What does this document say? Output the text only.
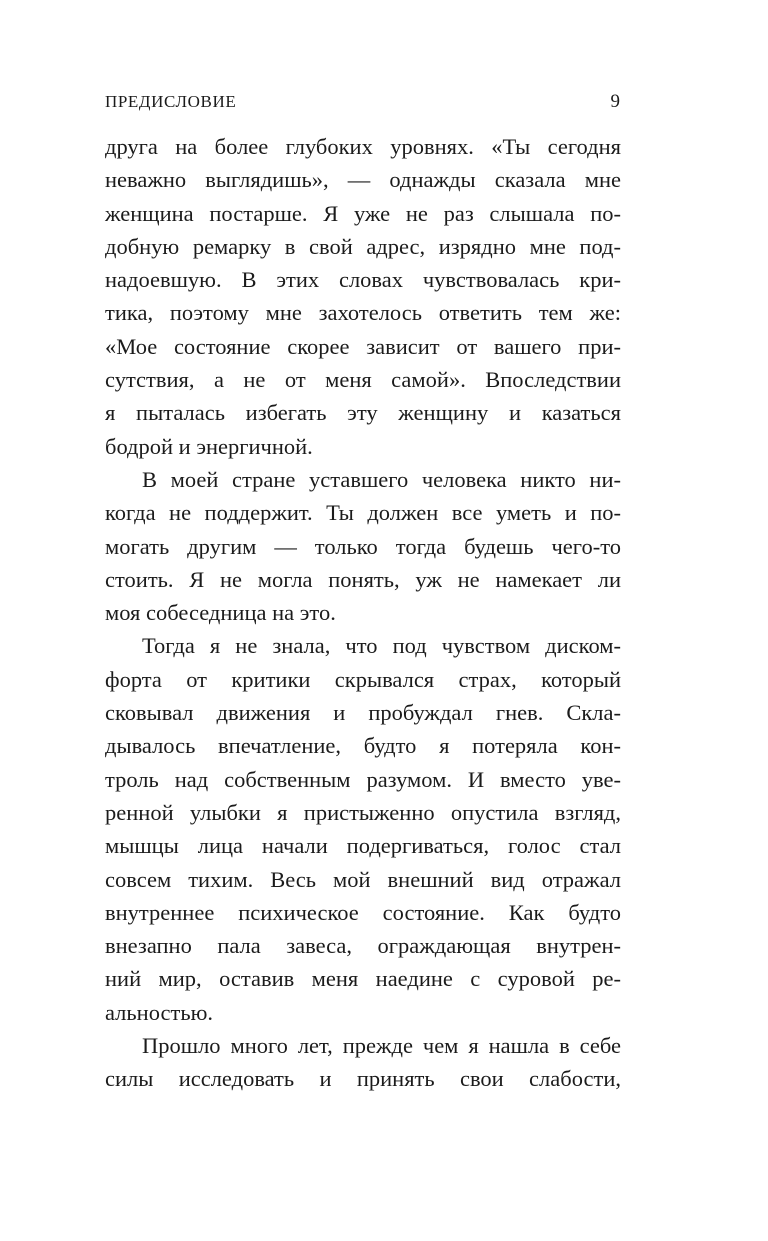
ПРЕДИСЛОВИЕ	9
друга на более глубоких уровнях. «Ты сегодня
неважно выглядишь», — однажды сказала мне
женщина постарше. Я уже не раз слышала по-
добную ремарку в свой адрес, изрядно мне под-
надоевшую. В этих словах чувствовалась кри-
тика, поэтому мне захотелось ответить тем же:
«Мое состояние скорее зависит от вашего при-
сутствия, а не от меня самой». Впоследствии
я пыталась избегать эту женщину и казаться
бодрой и энергичной.
В моей стране уставшего человека никто ни-
когда не поддержит. Ты должен все уметь и по-
могать другим — только тогда будешь чего-то
стоить. Я не могла понять, уж не намекает ли
моя собеседница на это.
Тогда я не знала, что под чувством диском-
форта от критики скрывался страх, который
сковывал движения и пробуждал гнев. Скла-
дывалось впечатление, будто я потеряла кон-
троль над собственным разумом. И вместо уве-
ренной улыбки я пристыженно опустила взгляд,
мышцы лица начали подергиваться, голос стал
совсем тихим. Весь мой внешний вид отражал
внутреннее психическое состояние. Как будто
внезапно пала завеса, ограждающая внутрен-
ний мир, оставив меня наедине с суровой ре-
альностью.
Прошло много лет, прежде чем я нашла в себе
силы исследовать и принять свои слабости,
